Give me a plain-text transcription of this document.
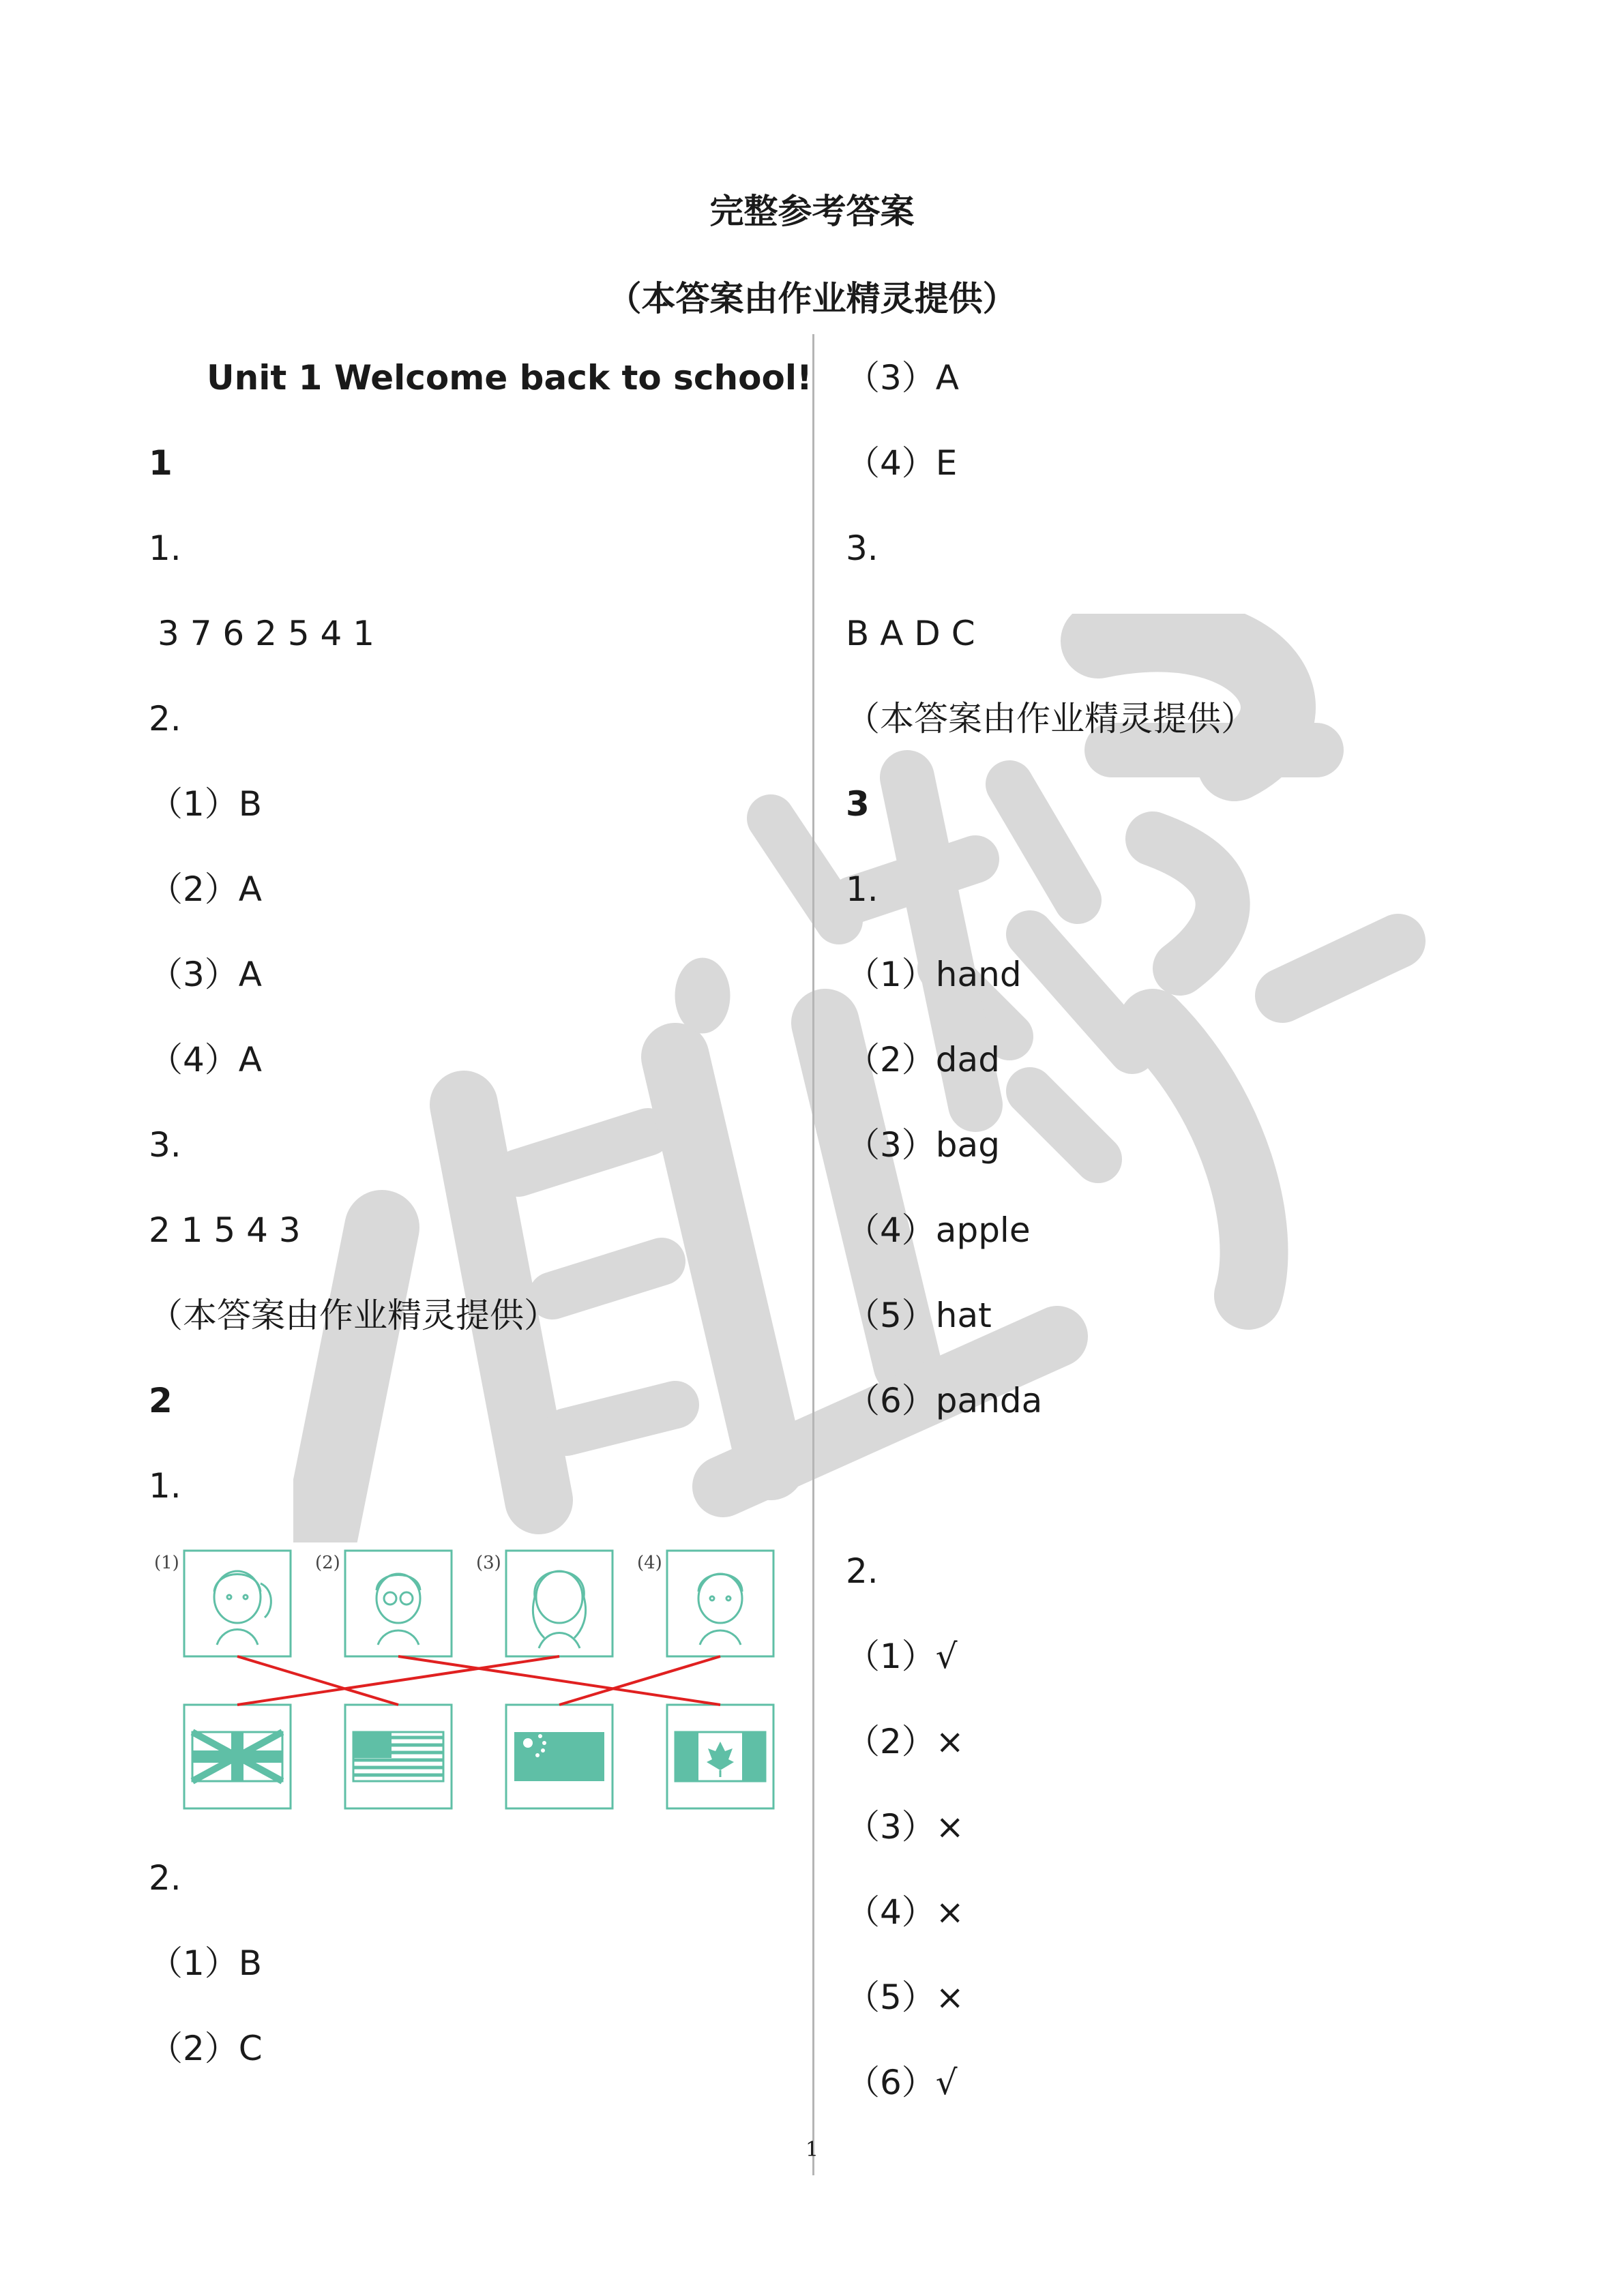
完整参考答案
（本答案由作业精灵提供）
Unit 1 Welcome back to school!
1
1.
3 7 6 2 5 4 1
2.
（1）B
（2）A
（3）A
（4）A
3.
2 1 5 4 3
（本答案由作业精灵提供）
2
1.
(1)	(2)	(3)	(4)
2.
（1）B
（2）C
（3）A
（4）E
3.
B A D C
（本答案由作业精灵提供）
3
1.
（1）hand
（2）dad
（3）bag
（4）apple
（5）hat
（6）panda
2.
（1）√
（2）×
（3）×
（4）×
（5）×
（6）√
1
